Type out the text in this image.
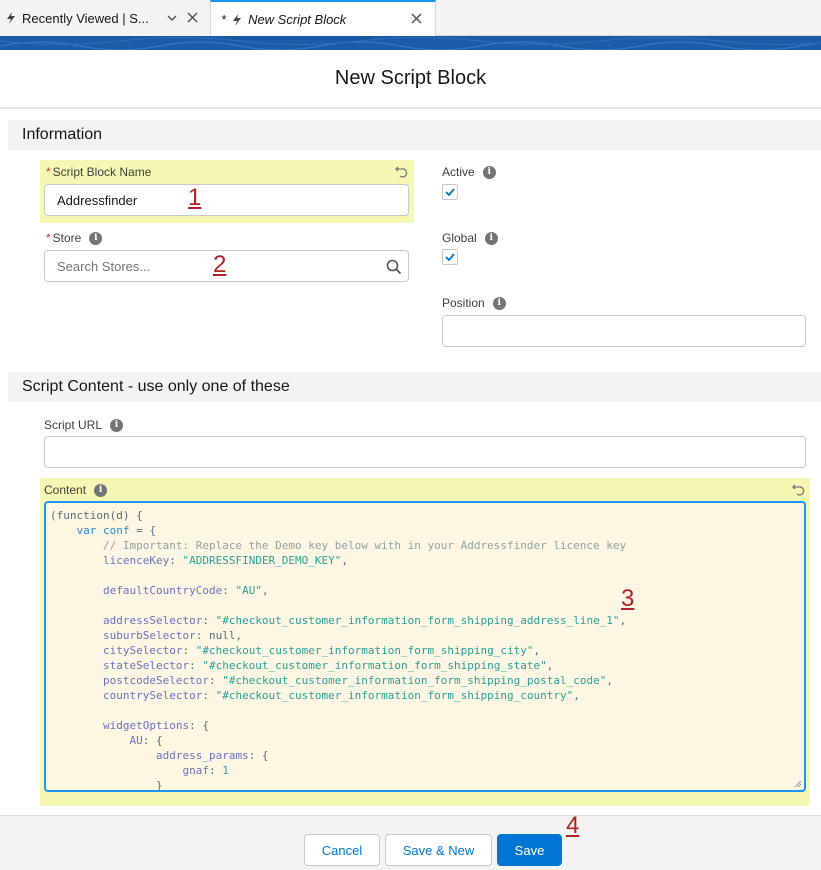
Recently Viewed | S...	* New Script Block
New Script Block
Information
* Script Block Name
Addressfinder 1
* Store
i
Search Stores...	2
Active
i
Global
i
Position
i
Script Content - use only one of these
Script URL
i
Content
i
(function(d) {
var conf = {
// Important: Replace the Demo key below with in your Addressfinder licence key
licenceKey: "ADDRESSFINDER_DEMO_KEY",
defaultCountryCode: "AU",
addressSelector: "#checkout_customer_information_form_shipping_address_line_1",
suburbSelector: null,
citySelector: "#checkout_customer_information_form_shipping_city",
stateSelector: "#checkout_customer_information_form_shipping_state",
postcodeSelector: "#checkout_customer_information_form_shipping_postal_code",
countrySelector: "#checkout_customer_information_form_shipping_country",
widgetOptions: {
AU: {
address_params: {
gnaf: 1
}
3
Cancel	Save & New	Save
4
